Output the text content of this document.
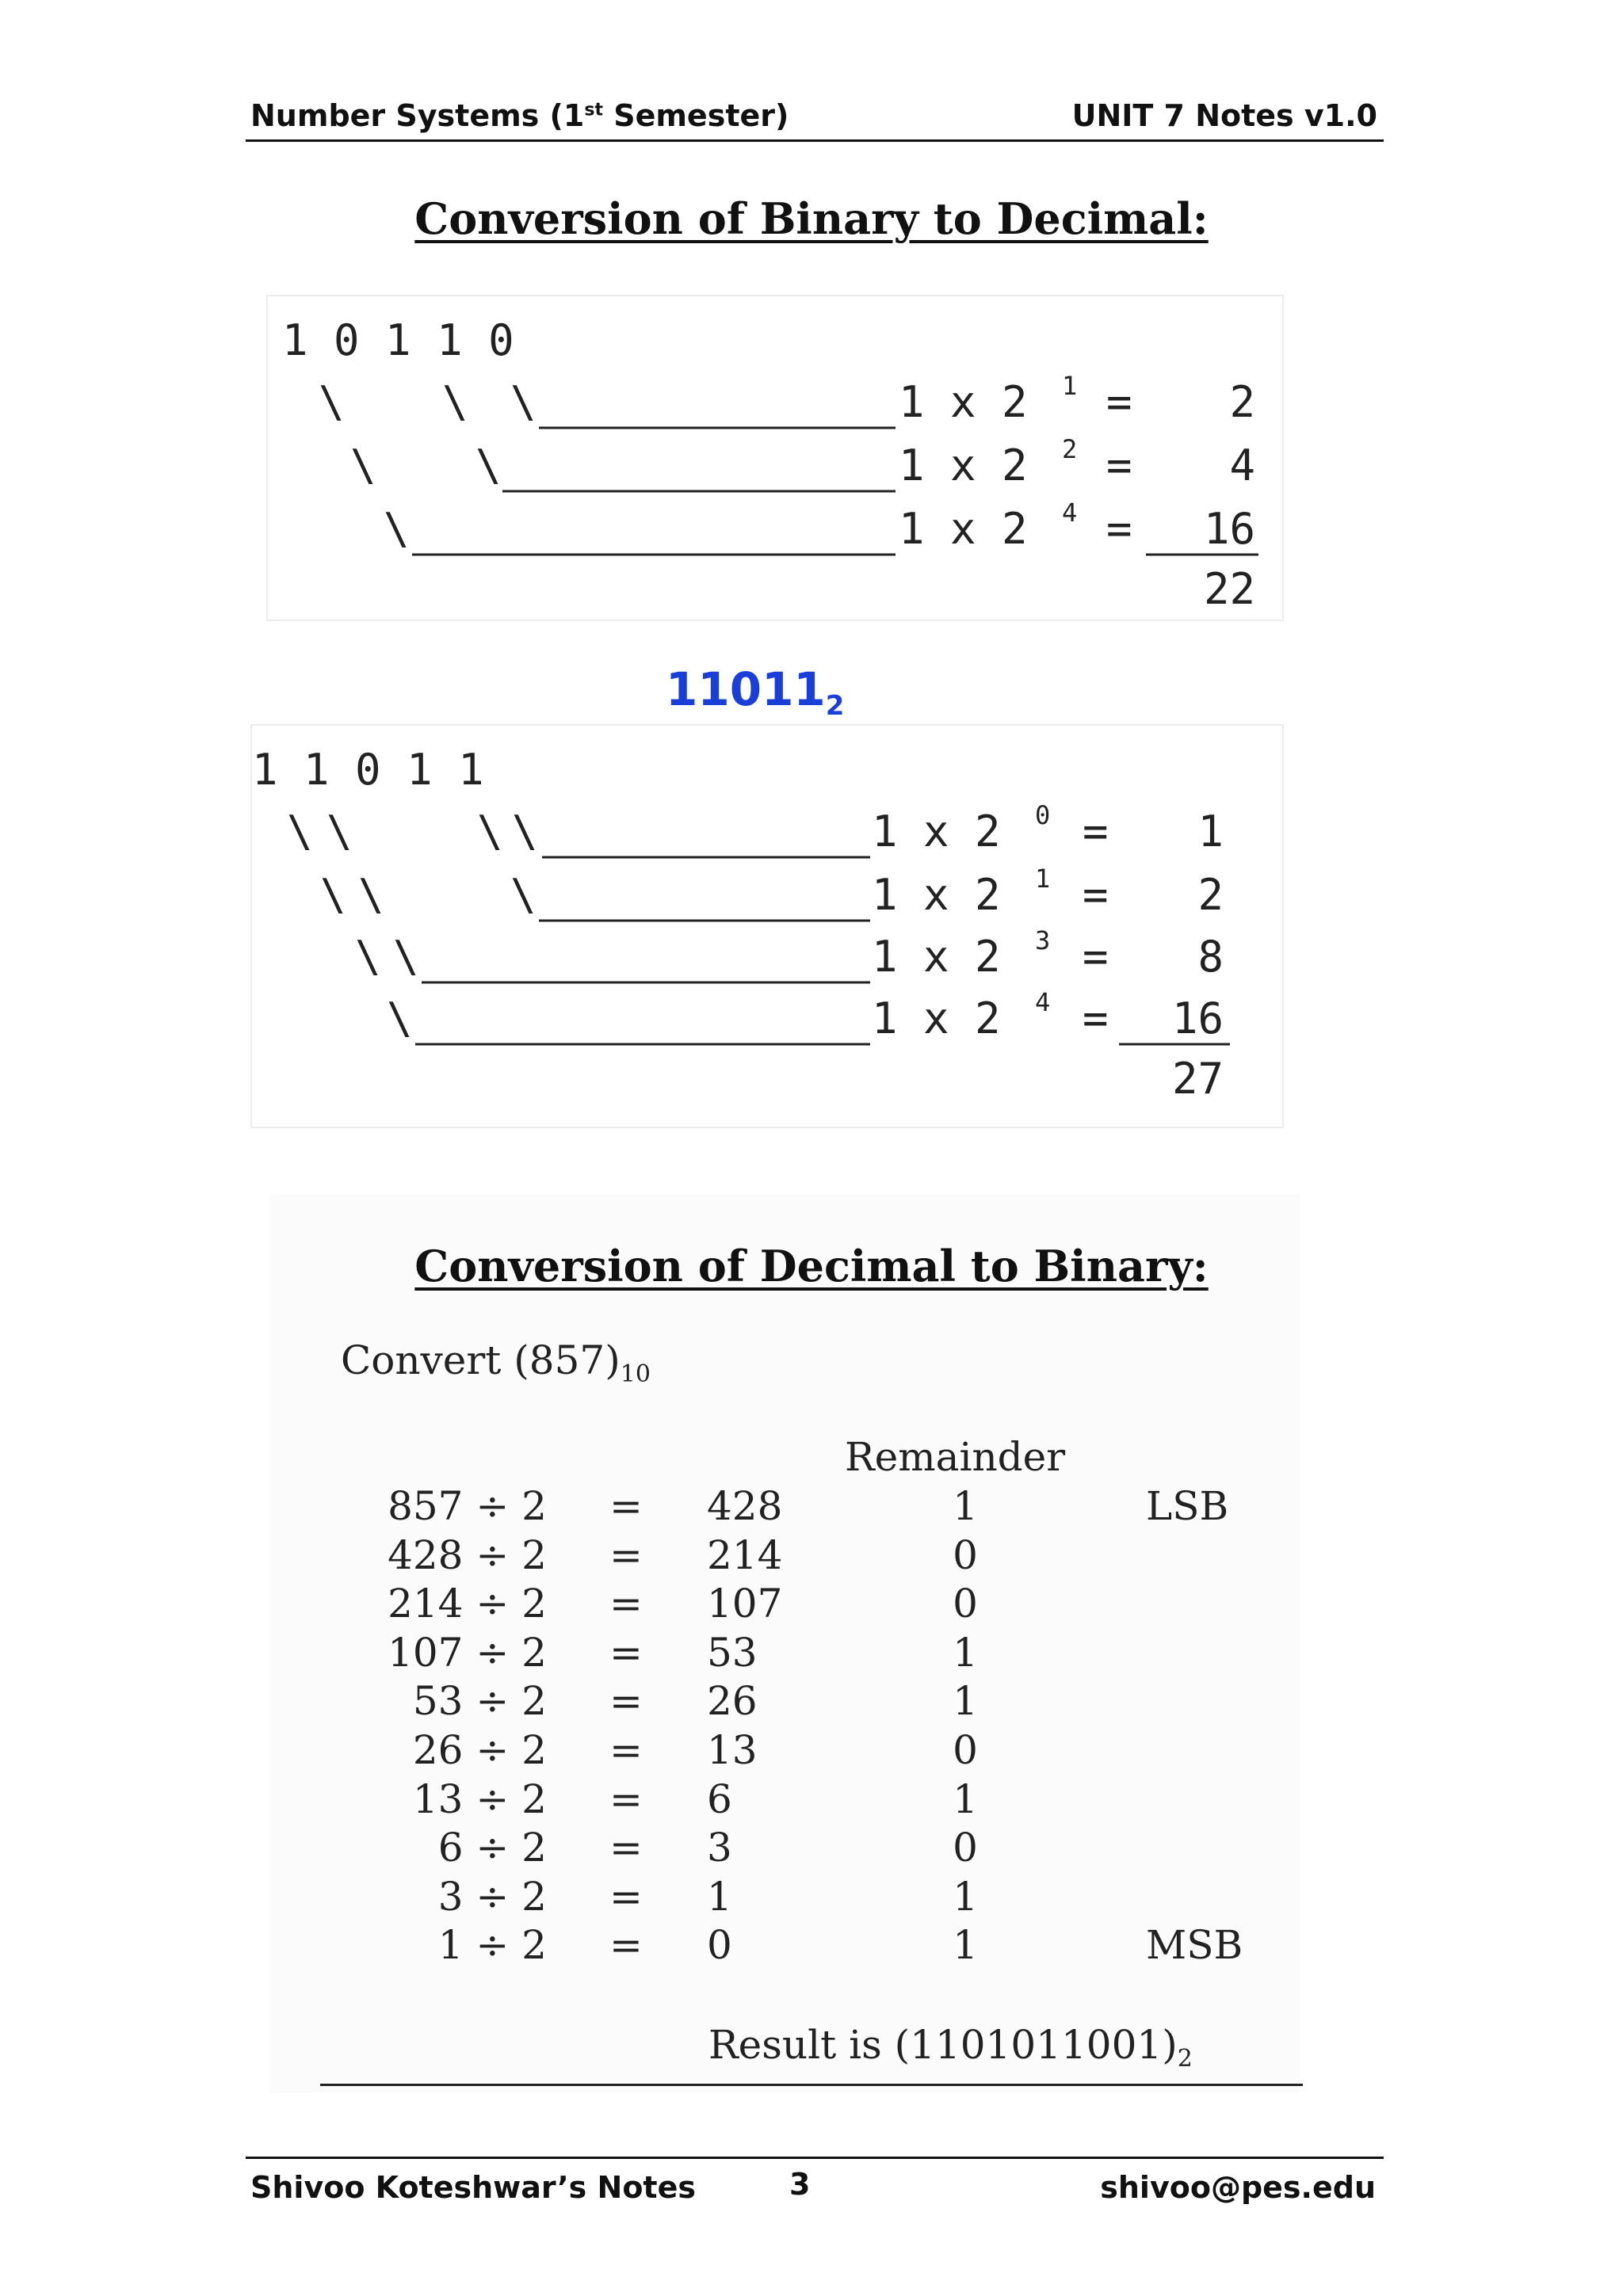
Number Systems (1st Semester)	UNIT 7 Notes v1.0
Conversion of Binary to Decimal:
1 0 1 1 0
\ \ \
\ \
\
1 x 2 1 = 2
1 x 2 2 = 4
1 x 2 4 = 16
22
$11011_2$
1 1 0 1 1
\ \	\ \
\ \	\
\ \
\
1 x 2 0 = 1
1 x 2 1 = 2
1 x 2 3 = 8
1 x 2 4 = 16
27
Conversion of Decimal to Binary:
Convert $(857)_{10}$
Remainder
857 ÷ 2 = 428	1	LSB
428 ÷ 2 = 214	0
214 ÷ 2 = 107	0
107 ÷ 2 = 53	1
53 ÷ 2 = 26	1
26 ÷ 2 = 13	0
13 ÷ 2 = 6	1
6 ÷ 2 = 3	0
3 ÷ 2 = 1	1
1 ÷ 2 = 0	1	MSB
Result is $(1101011001)_2$
Shivoo Koteshwar’s Notes	3	shivoo@pes.edu
